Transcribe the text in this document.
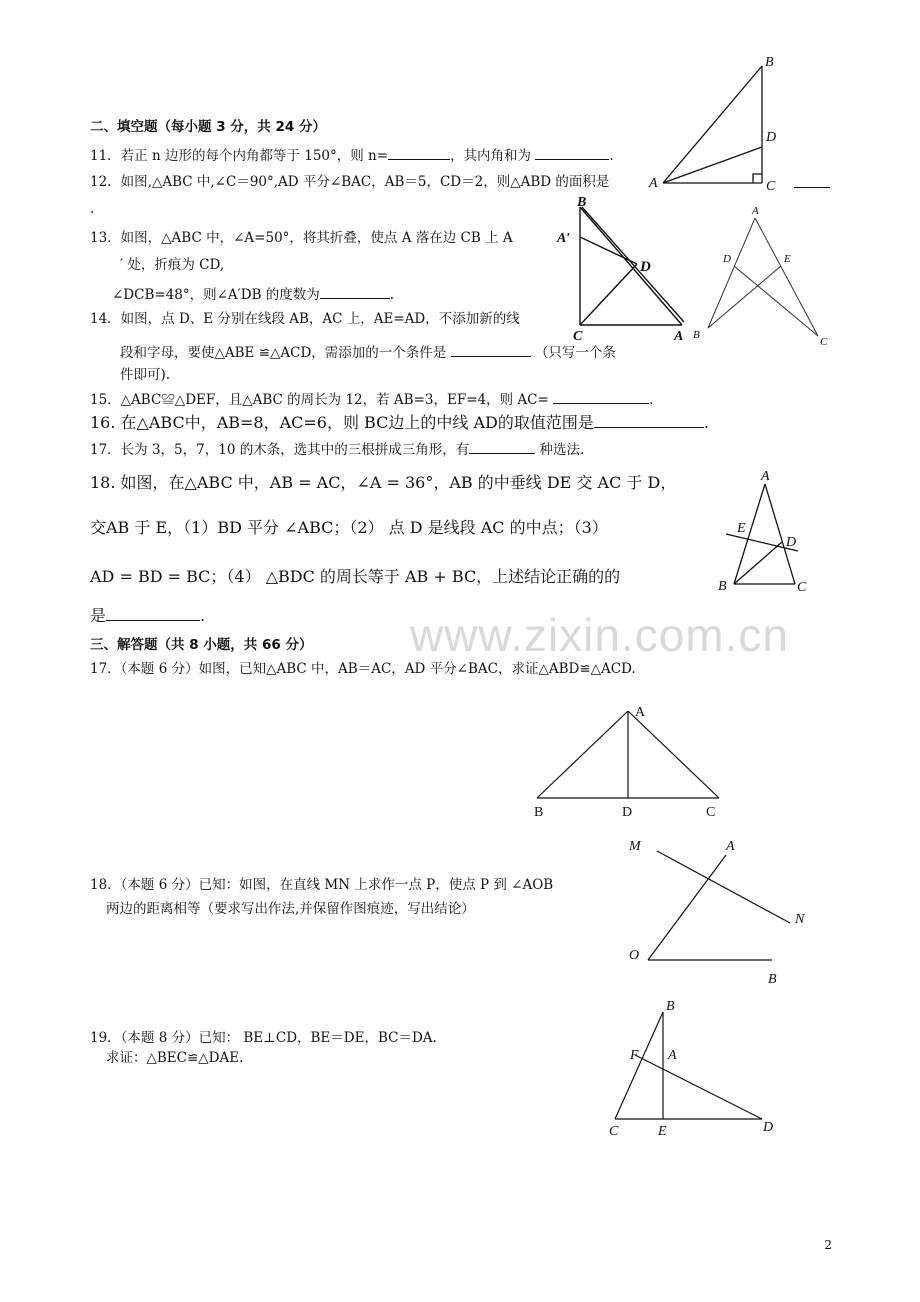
www.zixin.com.cn
二、填空题（每小题 3 分，共 24 分）
11．若正 n 边形的每个内角都等于 150°，则 n=	，其内角和为	.
12．如图,△ABC 中,∠C＝90°,AD 平分∠BAC，AB＝5，CD＝2，则△ABD 的面积是
.
13．如图，△ABC 中，∠A=50°，将其折叠，使点 A 落在边 CB 上 A
′ 处，折痕为 CD,
∠DCB=48°，则∠A′DB 的度数为	.
14．如图，点 D、E 分别在线段 AB，AC 上，AE=AD，不添加新的线
段和字母，要使△ABE ≌△ACD，需添加的一个条件是	（只写一个条
件即可).
15．△ABC≌△DEF，且△ABC 的周长为 12，若 AB=3，EF=4，则 AC=	.
16. 在△ABC中，AB=8，AC=6，则 BC边上的中线 AD的取值范围是	.
17．长为 3，5，7，10 的木条，选其中的三根拼成三角形，有	种选法.
18. 如图，在△ABC 中，AB = AC，∠A = 36°，AB 的中垂线 DE 交 AC 于 D，
交AB 于 E，（1）BD 平分 ∠ABC；（2） 点 D 是线段 AC 的中点；（3）
AD = BD = BC；（4） △BDC 的周长等于 AB + BC，上述结论正确的的
是	.
三、解答题（共 8 小题，共 66 分）
17．（本题 6 分）如图，已知△ABC 中，AB＝AC，AD 平分∠BAC，求证△ABD≌△ACD.
18．（本题 6 分）已知：如图，在直线 MN 上求作一点 P，使点 P 到 ∠AOB
两边的距离相等（要求写出作法,并保留作图痕迹，写出结论）
19．（本题 8 分）已知： BE⊥CD，BE＝DE，BC＝DA.
求证：△BEC≌△DAE.
2
B
D
A	C
B
A′
D
C	A
A
D	E
B
C
A
E
D
B	C
A
B	D	C
M	A
N
O
B
B
F A
C	E	D
